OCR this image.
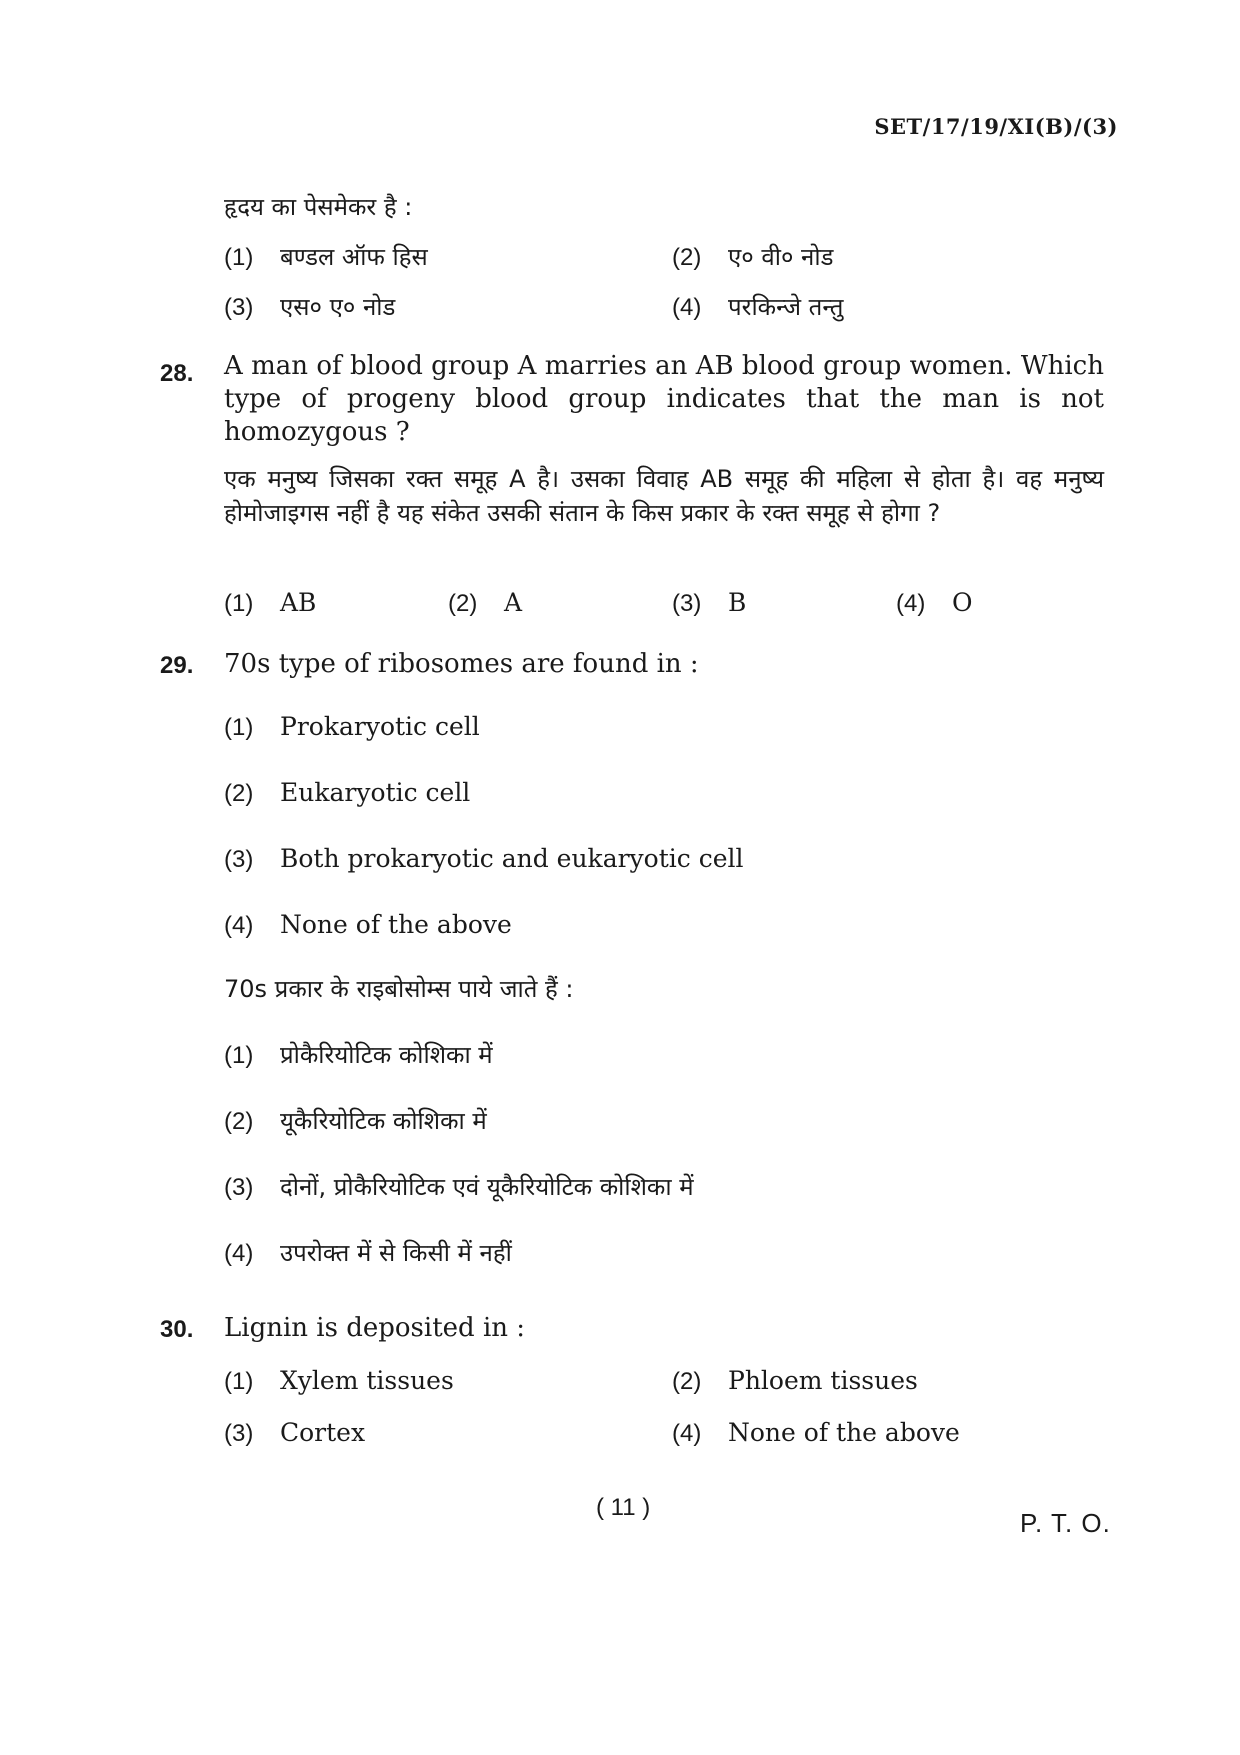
SET/17/19/XI(B)/(3)
हृदय का पेसमेकर है :
(1) बण्डल ऑफ हिस	(2) ए० वी० नोड
(3) एस० ए० नोड	(4) परकिन्जे तन्तु
28. A man of blood group A marries an AB blood group women. Which type of progeny blood group indicates that the man is not homozygous ?
एक मनुष्य जिसका रक्त समूह A है। उसका विवाह AB समूह की महिला से होता है। वह मनुष्य होमोजाइगस नहीं है यह संकेत उसकी संतान के किस प्रकार के रक्त समूह से होगा ?
(1) AB	(2) A	(3) B	(4) O
29. 70s type of ribosomes are found in :
(1) Prokaryotic cell
(2) Eukaryotic cell
(3) Both prokaryotic and eukaryotic cell
(4) None of the above
70s प्रकार के राइबोसोम्स पाये जाते हैं :
(1) प्रोकैरियोटिक कोशिका में
(2) यूकैरियोटिक कोशिका में
(3) दोनों, प्रोकैरियोटिक एवं यूकैरियोटिक कोशिका में
(4) उपरोक्त में से किसी में नहीं
30. Lignin is deposited in :
(1) Xylem tissues	(2) Phloem tissues
(3) Cortex	(4) None of the above
( 11 )
P. T. O.
